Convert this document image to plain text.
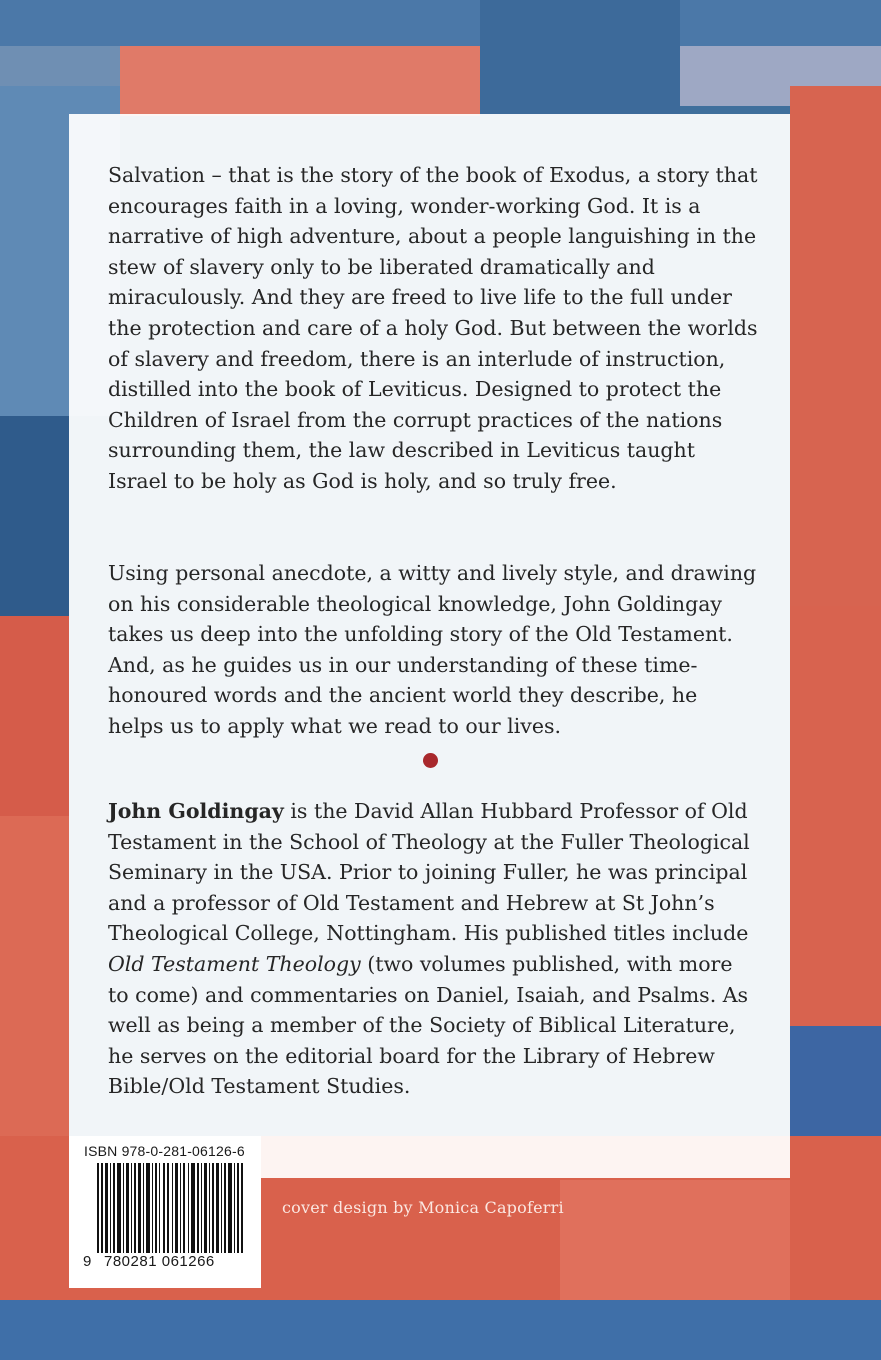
Salvation – that is the story of the book of Exodus, a story that encourages faith in a loving, wonder-working God. It is a narrative of high adventure, about a people languishing in the stew of slavery only to be liberated dramatically and miraculously. And they are freed to live life to the full under the protection and care of a holy God. But between the worlds of slavery and freedom, there is an interlude of instruction, distilled into the book of Leviticus. Designed to protect the Children of Israel from the corrupt practices of the nations surrounding them, the law described in Leviticus taught Israel to be holy as God is holy, and so truly free.

Using personal anecdote, a witty and lively style, and drawing on his considerable theological knowledge, John Goldingay takes us deep into the unfolding story of the Old Testament. And, as he guides us in our understanding of these time-honoured words and the ancient world they describe, he helps us to apply what we read to our lives.

John Goldingay is the David Allan Hubbard Professor of Old Testament in the School of Theology at the Fuller Theological Seminary in the USA. Prior to joining Fuller, he was principal and a professor of Old Testament and Hebrew at St John’s Theological College, Nottingham. His published titles include Old Testament Theology (two volumes published, with more to come) and commentaries on Daniel, Isaiah, and Psalms. As well as being a member of the Society of Biblical Literature, he serves on the editorial board for the Library of Hebrew Bible/Old Testament Studies.

cover design by Monica Capoferri
ISBN 978-0-281-06126-6
9 780281 061266
